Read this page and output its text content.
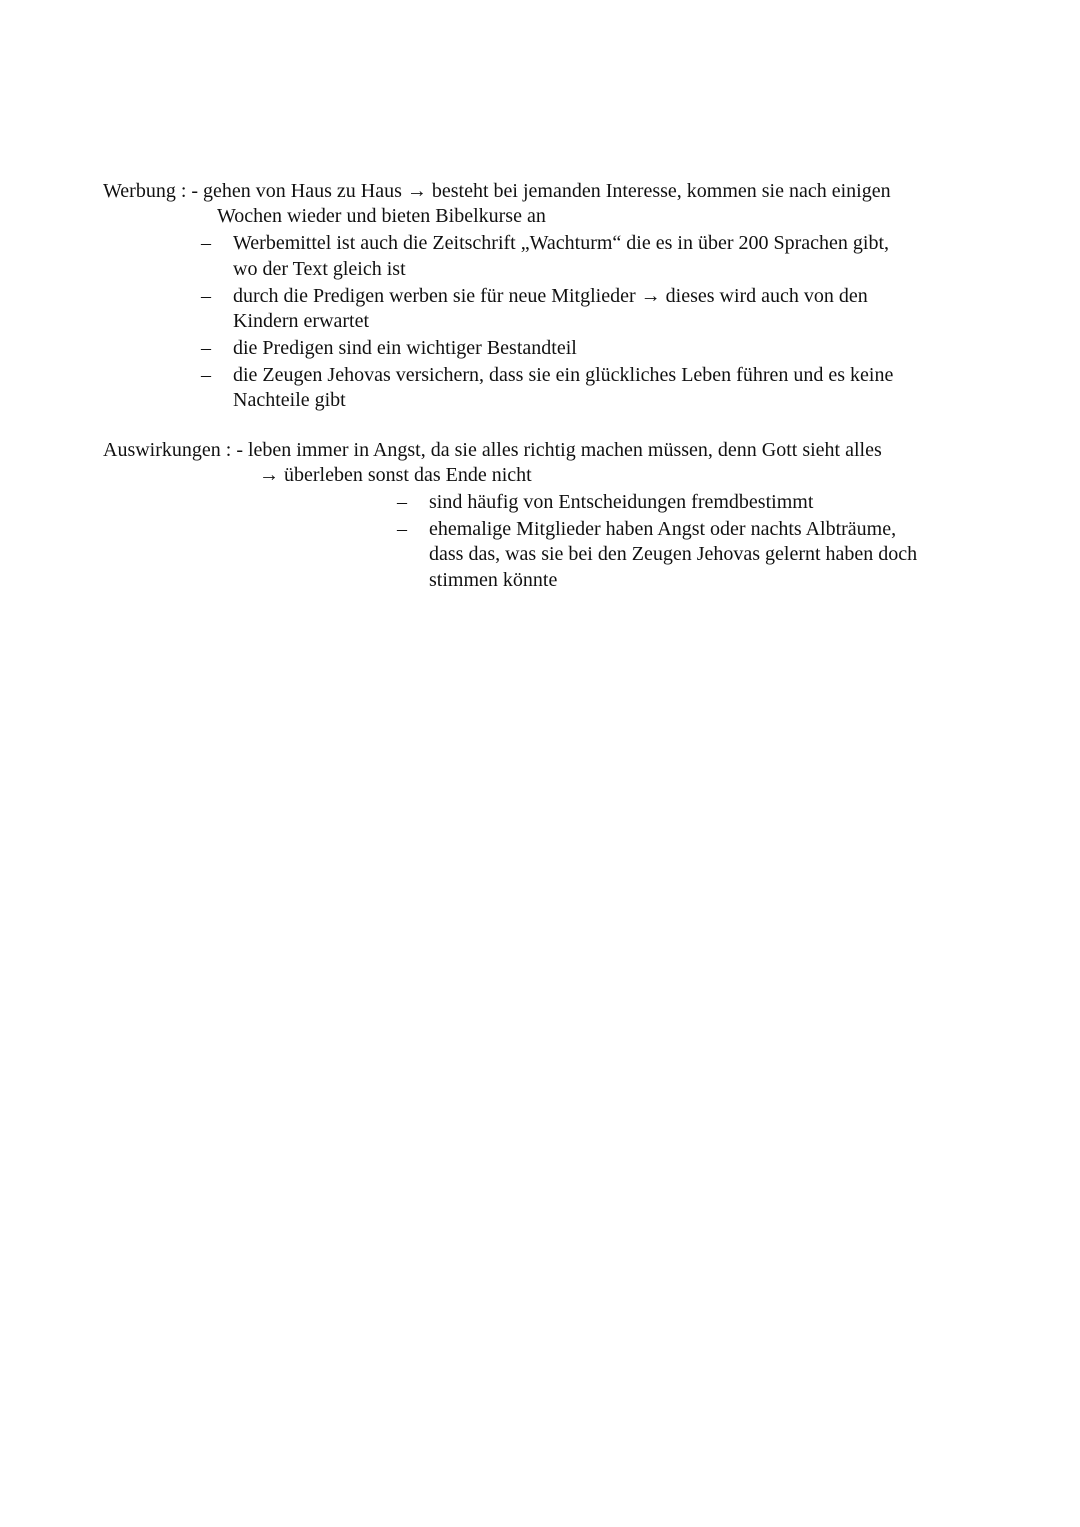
Werbung : - gehen von Haus zu Haus → besteht bei jemanden Interesse, kommen sie nach einigen
Wochen wieder und bieten Bibelkurse an
– Werbemittel ist auch die Zeitschrift „Wachturm“ die es in über 200 Sprachen gibt,
wo der Text gleich ist
– durch die Predigen werben sie für neue Mitglieder → dieses wird auch von den
Kindern erwartet
– die Predigen sind ein wichtiger Bestandteil
– die Zeugen Jehovas versichern, dass sie ein glückliches Leben führen und es keine
Nachteile gibt
Auswirkungen : - leben immer in Angst, da sie alles richtig machen müssen, denn Gott sieht alles
→ überleben sonst das Ende nicht
– sind häufig von Entscheidungen fremdbestimmt
– ehemalige Mitglieder haben Angst oder nachts Albträume,
dass das, was sie bei den Zeugen Jehovas gelernt haben doch
stimmen könnte
